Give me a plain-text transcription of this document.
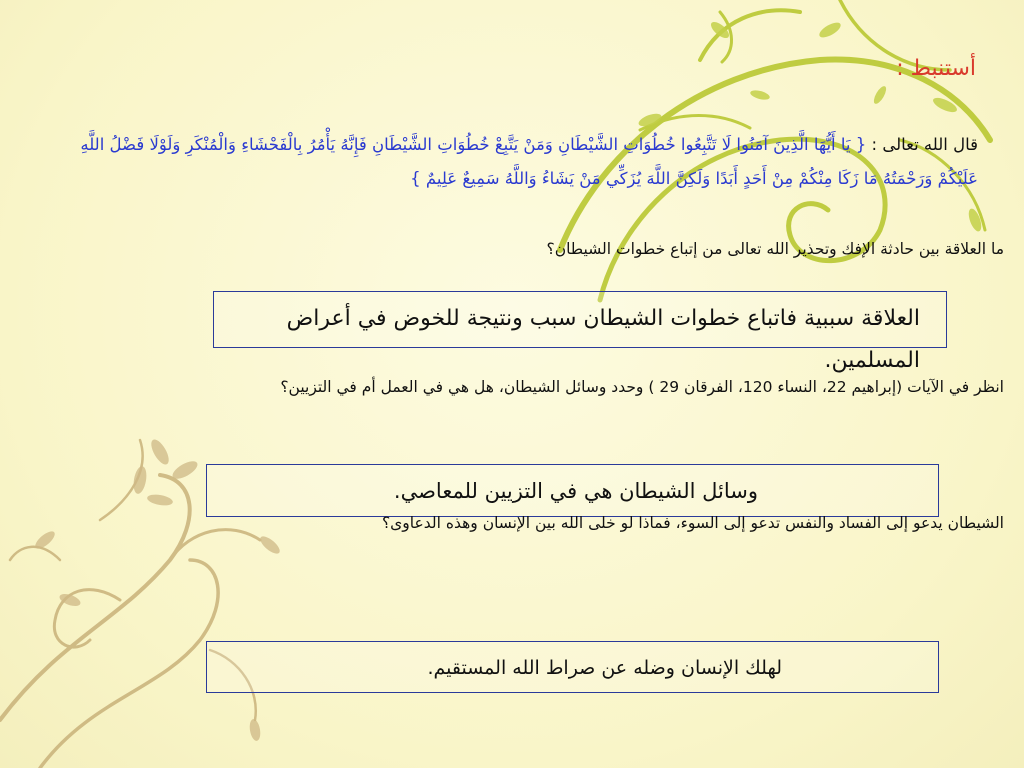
أستنبط :
قال الله تعالى : { يَا أَيُّهَا الَّذِينَ آمَنُوا لَا تَتَّبِعُوا خُطُوَاتِ الشَّيْطَانِ وَمَنْ يَتَّبِعْ خُطُوَاتِ الشَّيْطَانِ فَإِنَّهُ يَأْمُرُ بِالْفَحْشَاءِ وَالْمُنْكَرِ وَلَوْلَا فَضْلُ اللَّهِ عَلَيْكُمْ وَرَحْمَتُهُ مَا زَكَا مِنْكُمْ مِنْ أَحَدٍ أَبَدًا وَلَكِنَّ اللَّهَ يُزَكِّي مَنْ يَشَاءُ وَاللَّهُ سَمِيعٌ عَلِيمٌ }
ما العلاقة بين حادثة الإفك وتحذير الله تعالى من إتباع خطوات الشيطان؟
العلاقة سببية فاتباع خطوات الشيطان سبب ونتيجة للخوض في أعراض المسلمين.
انظر في الآيات (إبراهيم 22، النساء 120، الفرقان 29 ) وحدد وسائل الشيطان، هل هي في العمل أم في التزيين؟
وسائل الشيطان هي في التزيين للمعاصي.
الشيطان يدعو إلى الفساد والنفس تدعو إلى السوء، فماذا لو خلى الله بين الإنسان وهذه الدعاوى؟
لهلك الإنسان وضله عن صراط الله المستقيم.
